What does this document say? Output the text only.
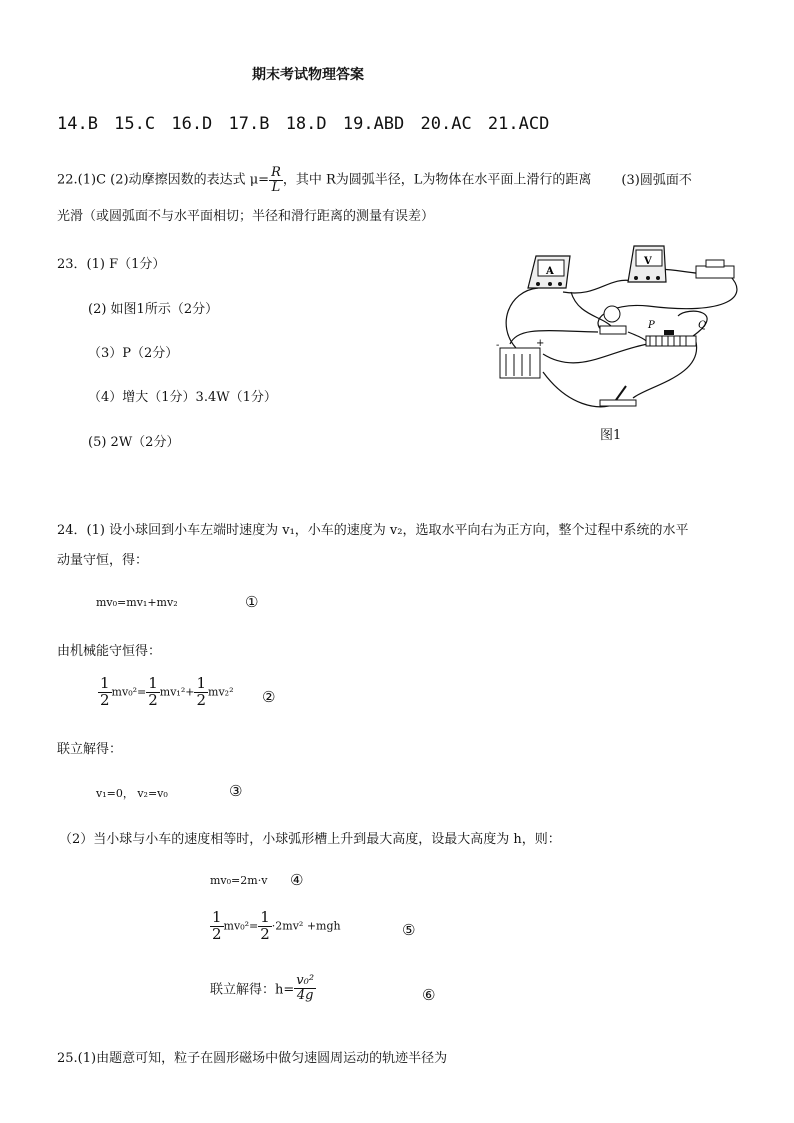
期末考试物理答案
14.B 15.C 16.D 17.B 18.D 19.ABD 20.AC 21.ACD
22.(1)C (2)动摩擦因数的表达式 $\mu= \frac{R}{L}$ ，其中 R为圆弧半径，L为物体在水平面上滑行的距离 (3)圆弧面不
光滑（或圆弧面不与水平面相切；半径和滑行距离的测量有误差）
23．(1) F（1分）
(2) 如图1所示（2分）
（3）P（2分）
（4）增大（1分）3.4W（1分）
(5) 2W（2分）
A
V
-	+
P	Q
图1
24．(1) 设小球回到小车左端时速度为 v₁，小车的速度为 v₂，选取水平向右为正方向，整个过程中系统的水平
动量守恒，得：
mv₀=mv₁+mv₂	①
由机械能守恒得：
$\frac{1}{2} mv_0^2= \frac{1}{2} mv_1^2+ \frac{1}{2} mv_2^2$ ②
联立解得：
v₁=0， v₂=v₀	③
（2）当小球与小车的速度相等时，小球弧形槽上升到最大高度，设最大高度为 h，则：
mv₀=2m·v ④
$\frac{1}{2} mv_0^2= \frac{1}{2} \cdot 2mv^2 +mgh$	⑤
联立解得：$h= \frac{\text{v₀²}}{4g}$	⑥
25.(1)由题意可知，粒子在圆形磁场中做匀速圆周运动的轨迹半径为
